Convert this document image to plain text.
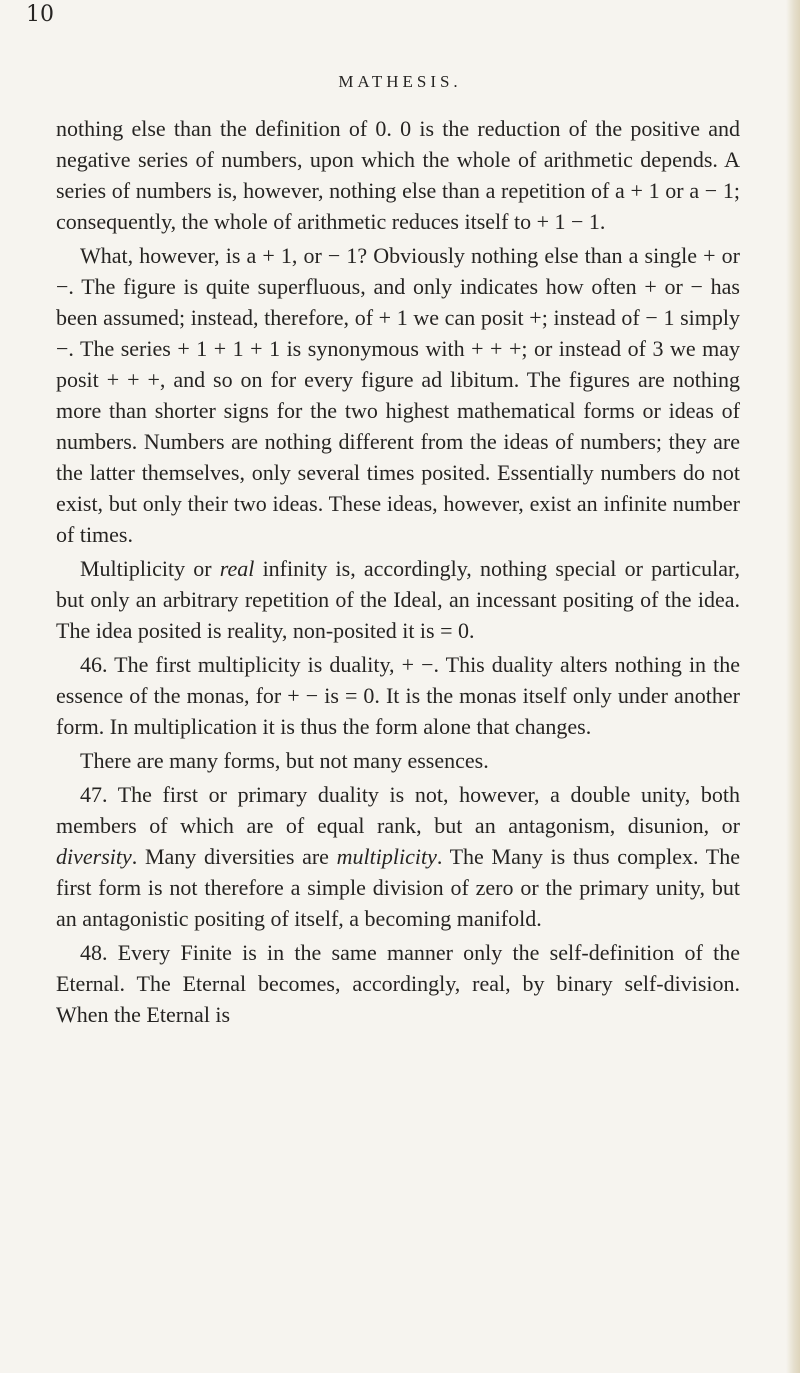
10
MATHESIS.

nothing else than the definition of 0. 0 is the reduction of the positive and negative series of numbers, upon which the whole of arithmetic depends. A series of numbers is, however, nothing else than a repetition of a + 1 or a − 1; consequently, the whole of arithmetic reduces itself to + 1 − 1.

What, however, is a + 1, or − 1? Obviously nothing else than a single + or −. The figure is quite superfluous, and only indicates how often + or − has been assumed; instead, therefore, of + 1 we can posit +; instead of − 1 simply −. The series + 1 + 1 + 1 is synonymous with + + +; or instead of 3 we may posit + + +, and so on for every figure ad libitum. The figures are nothing more than shorter signs for the two highest mathematical forms or ideas of numbers. Numbers are nothing different from the ideas of numbers; they are the latter themselves, only several times posited. Essentially numbers do not exist, but only their two ideas. These ideas, however, exist an infinite number of times.

Multiplicity or real infinity is, accordingly, nothing special or particular, but only an arbitrary repetition of the Ideal, an incessant positing of the idea. The idea posited is reality, non-posited it is = 0.

46. The first multiplicity is duality, + −. This duality alters nothing in the essence of the monas, for + − is = 0. It is the monas itself only under another form. In multiplication it is thus the form alone that changes.

There are many forms, but not many essences.

47. The first or primary duality is not, however, a double unity, both members of which are of equal rank, but an antagonism, disunion, or diversity. Many diversities are multiplicity. The Many is thus complex. The first form is not therefore a simple division of zero or the primary unity, but an antagonistic positing of itself, a becoming manifold.

48. Every Finite is in the same manner only the self-definition of the Eternal. The Eternal becomes, accordingly, real, by binary self-division. When the Eternal is
